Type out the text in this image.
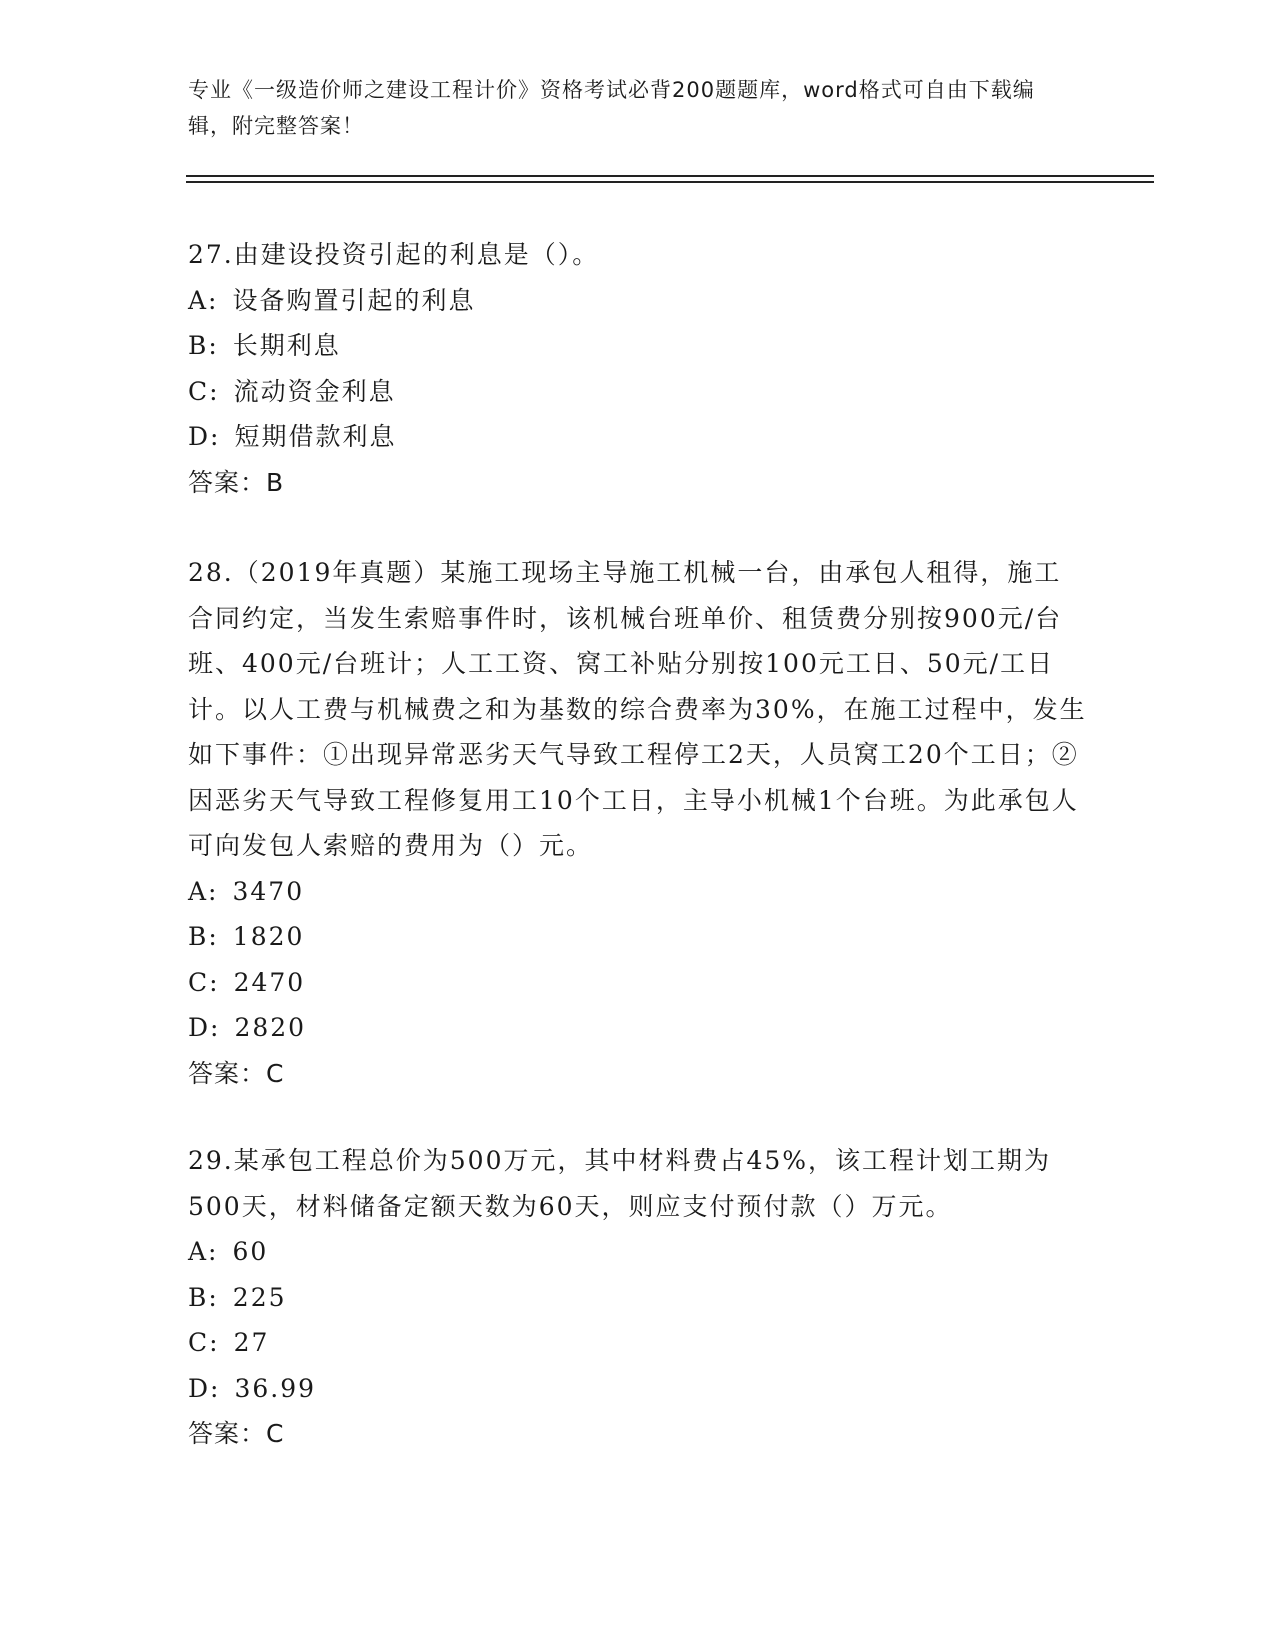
专业《一级造价师之建设工程计价》资格考试必背200题题库，word格式可自由下载编辑，附完整答案！

27.由建设投资引起的利息是（）。

A: 设备购置引起的利息

B: 长期利息

C: 流动资金利息

D: 短期借款利息

答案：B

28.（2019年真题）某施工现场主导施工机械一台，由承包人租得，施工合同约定，当发生索赔事件时，该机械台班单价、租赁费分别按900元/台班、400元/台班计；人工工资、窝工补贴分别按100元工日、50元/工日计。以人工费与机械费之和为基数的综合费率为30%，在施工过程中，发生如下事件：①出现异常恶劣天气导致工程停工2天，人员窝工20个工日；②因恶劣天气导致工程修复用工10个工日，主导小机械1个台班。为此承包人可向发包人索赔的费用为（）元。

A: 3470

B: 1820

C: 2470

D: 2820

答案：C

29.某承包工程总价为500万元，其中材料费占45%，该工程计划工期为500天，材料储备定额天数为60天，则应支付预付款（）万元。

A: 60

B: 225

C: 27

D: 36.99

答案：C
